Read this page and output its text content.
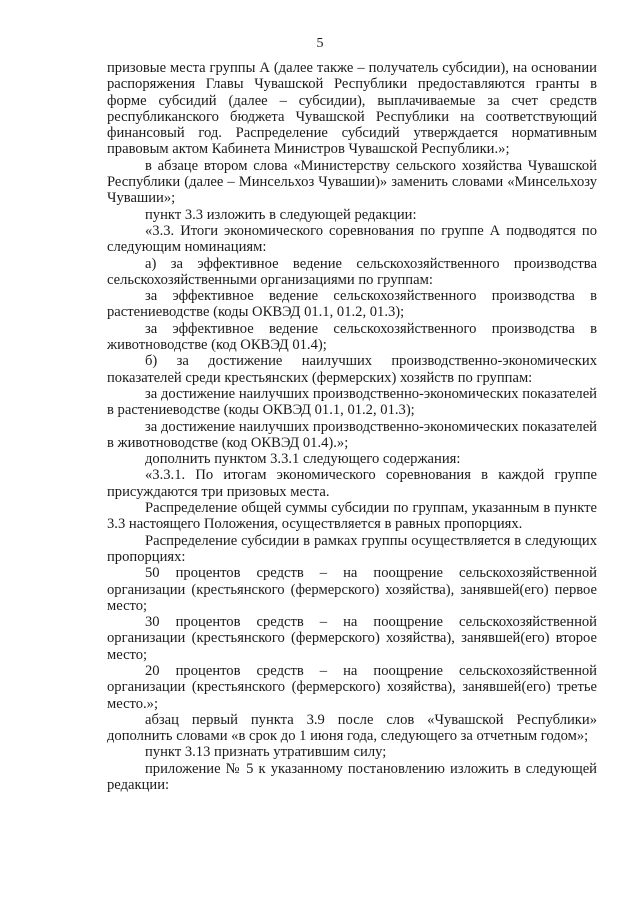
5

призовые места группы А (далее также – получатель субсидии), на основании распоряжения Главы Чувашской Республики предоставляются гранты в форме субсидий (далее – субсидии), выплачиваемые за счет средств республиканского бюджета Чувашской Республики на соответствующий финансовый год. Распределение субсидий утверждается нормативным правовым актом Кабинета Министров Чувашской Республики.»;

в абзаце втором слова «Министерству сельского хозяйства Чувашской Республики (далее – Минсельхоз Чувашии)» заменить словами «Минсельхозу Чувашии»;

пункт 3.3 изложить в следующей редакции:

«3.3. Итоги экономического соревнования по группе А подводятся по следующим номинациям:

а) за эффективное ведение сельскохозяйственного производства сельскохозяйственными организациями по группам:

за эффективное ведение сельскохозяйственного производства в растениеводстве (коды ОКВЭД 01.1, 01.2, 01.3);

за эффективное ведение сельскохозяйственного производства в животноводстве (код ОКВЭД 01.4);

б) за достижение наилучших производственно-экономических показателей среди крестьянских (фермерских) хозяйств по группам:

за достижение наилучших производственно-экономических показателей в растениеводстве (коды ОКВЭД 01.1, 01.2, 01.3);

за достижение наилучших производственно-экономических показателей в животноводстве (код ОКВЭД 01.4).»;

дополнить пунктом 3.3.1 следующего содержания:

«3.3.1. По итогам экономического соревнования в каждой группе присуждаются три призовых места.

Распределение общей суммы субсидии по группам, указанным в пункте 3.3 настоящего Положения, осуществляется в равных пропорциях.

Распределение субсидии в рамках группы осуществляется в следующих пропорциях:

50 процентов средств – на поощрение сельскохозяйственной организации (крестьянского (фермерского) хозяйства), занявшей(его) первое место;

30 процентов средств – на поощрение сельскохозяйственной организации (крестьянского (фермерского) хозяйства), занявшей(его) второе место;

20 процентов средств – на поощрение сельскохозяйственной организации (крестьянского (фермерского) хозяйства), занявшей(его) третье место.»;

абзац первый пункта 3.9 после слов «Чувашской Республики» дополнить словами «в срок до 1 июня года, следующего за отчетным годом»;

пункт 3.13 признать утратившим силу;

приложение № 5 к указанному постановлению изложить в следующей редакции:
